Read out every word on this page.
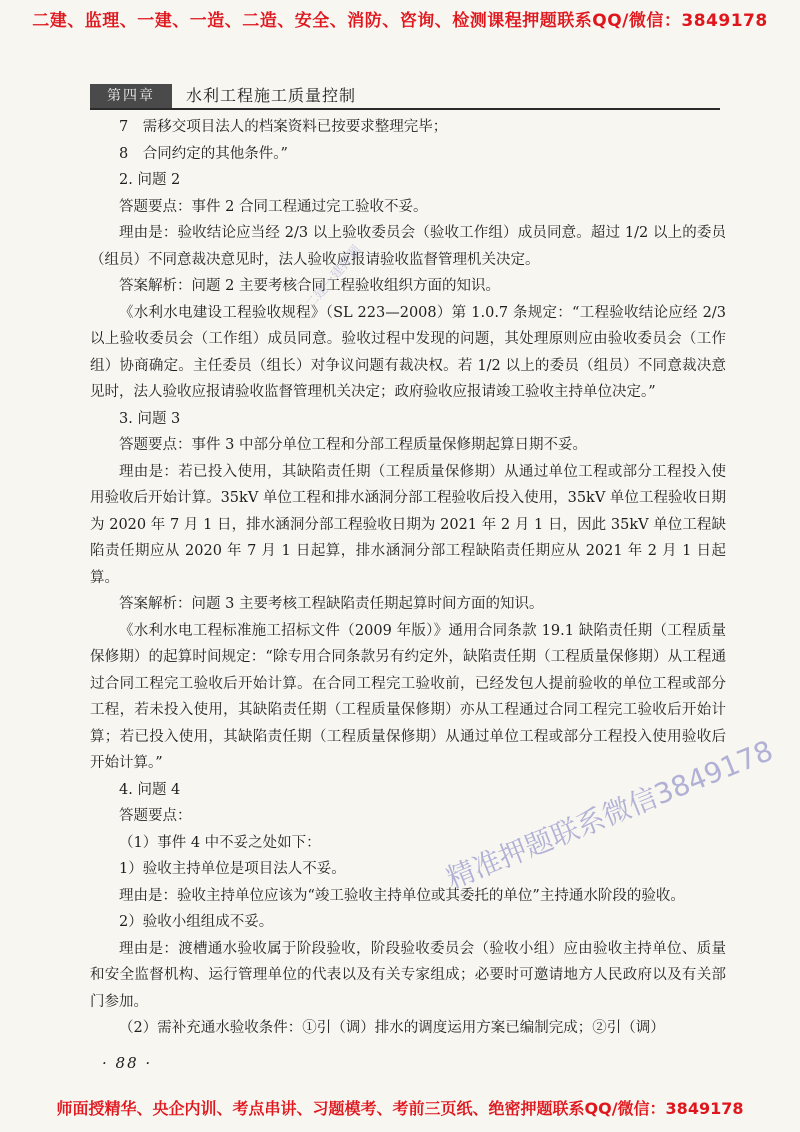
二建、监理、一建、一造、二造、安全、消防、咨询、检测课程押题联系QQ/微信：3849178
第四章	水利工程施工质量控制

7　需移交项目法人的档案资料已按要求整理完毕；

8　合同约定的其他条件。”

2. 问题 2

答题要点：事件 2 合同工程通过完工验收不妥。

理由是：验收结论应当经 2/3 以上验收委员会（验收工作组）成员同意。超过 1/2 以上的委员（组员）不同意裁决意见时，法人验收应报请验收监督管理机关决定。

答案解析：问题 2 主要考核合同工程验收组织方面的知识。

《水利水电建设工程验收规程》（SL 223—2008）第 1.0.7 条规定：“工程验收结论应经 2/3 以上验收委员会（工作组）成员同意。验收过程中发现的问题，其处理原则应由验收委员会（工作组）协商确定。主任委员（组长）对争议问题有裁决权。若 1/2 以上的委员（组员）不同意裁决意见时，法人验收应报请验收监督管理机关决定；政府验收应报请竣工验收主持单位决定。”

3. 问题 3

答题要点：事件 3 中部分单位工程和分部工程质量保修期起算日期不妥。

理由是：若已投入使用，其缺陷责任期（工程质量保修期）从通过单位工程或部分工程投入使用验收后开始计算。35kV 单位工程和排水涵洞分部工程验收后投入使用，35kV 单位工程验收日期为 2020 年 7 月 1 日，排水涵洞分部工程验收日期为 2021 年 2 月 1 日，因此 35kV 单位工程缺陷责任期应从 2020 年 7 月 1 日起算，排水涵洞分部工程缺陷责任期应从 2021 年 2 月 1 日起算。

答案解析：问题 3 主要考核工程缺陷责任期起算时间方面的知识。

《水利水电工程标准施工招标文件（2009 年版）》通用合同条款 19.1 缺陷责任期（工程质量保修期）的起算时间规定：“除专用合同条款另有约定外，缺陷责任期（工程质量保修期）从工程通过合同工程完工验收后开始计算。在合同工程完工验收前，已经发包人提前验收的单位工程或部分工程，若未投入使用，其缺陷责任期（工程质量保修期）亦从工程通过合同工程完工验收后开始计算；若已投入使用，其缺陷责任期（工程质量保修期）从通过单位工程或部分工程投入使用验收后开始计算。”

4. 问题 4

答题要点：

（1）事件 4 中不妥之处如下：

1）验收主持单位是项目法人不妥。

理由是：验收主持单位应该为“竣工验收主持单位或其委托的单位”主持通水阶段的验收。

2）验收小组组成不妥。

理由是：渡槽通水验收属于阶段验收，阶段验收委员会（验收小组）应由验收主持单位、质量和安全监督机构、运行管理单位的代表以及有关专家组成；必要时可邀请地方人民政府以及有关部门参加。

（2）需补充通水验收条件：①引（调）排水的调度运用方案已编制完成；②引（调）

· 88 ·
精准押题联系微信3849178
二建一建押题
师面授精华、央企内训、考点串讲、习题模考、考前三页纸、绝密押题联系QQ/微信：3849178
